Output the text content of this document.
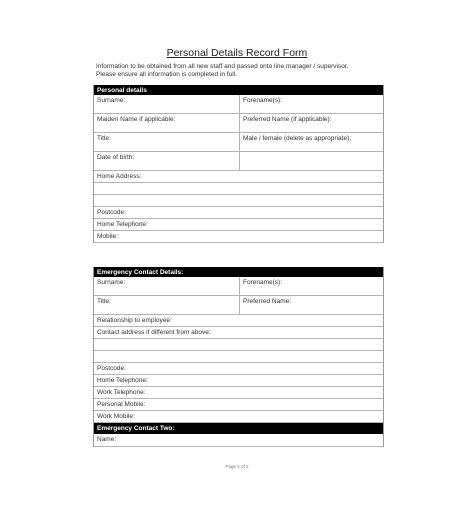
Personal Details Record Form
Information to be obtained from all new staff and passed onto line manager / supervisor.
Please ensure all information is completed in full.
Personal details
Surname:	Forename(s):
Maiden Name if applicable:	Preferred Name (if applicable):
Title:	Male / female (delete as appropriate):
Date of birth:
Home Address:
Postcode:
Home Telephone:
Mobile:
Emergency Contact Details:
Surname:	Forename(s):
Title:	Preferred Name:
Relationship to employee:
Contact address if different from above:
Postcode:
Home Telephone:
Work Telephone:
Personal Mobile:
Work Mobile:
Emergency Contact Two:
Name:
Page 1 of 2
